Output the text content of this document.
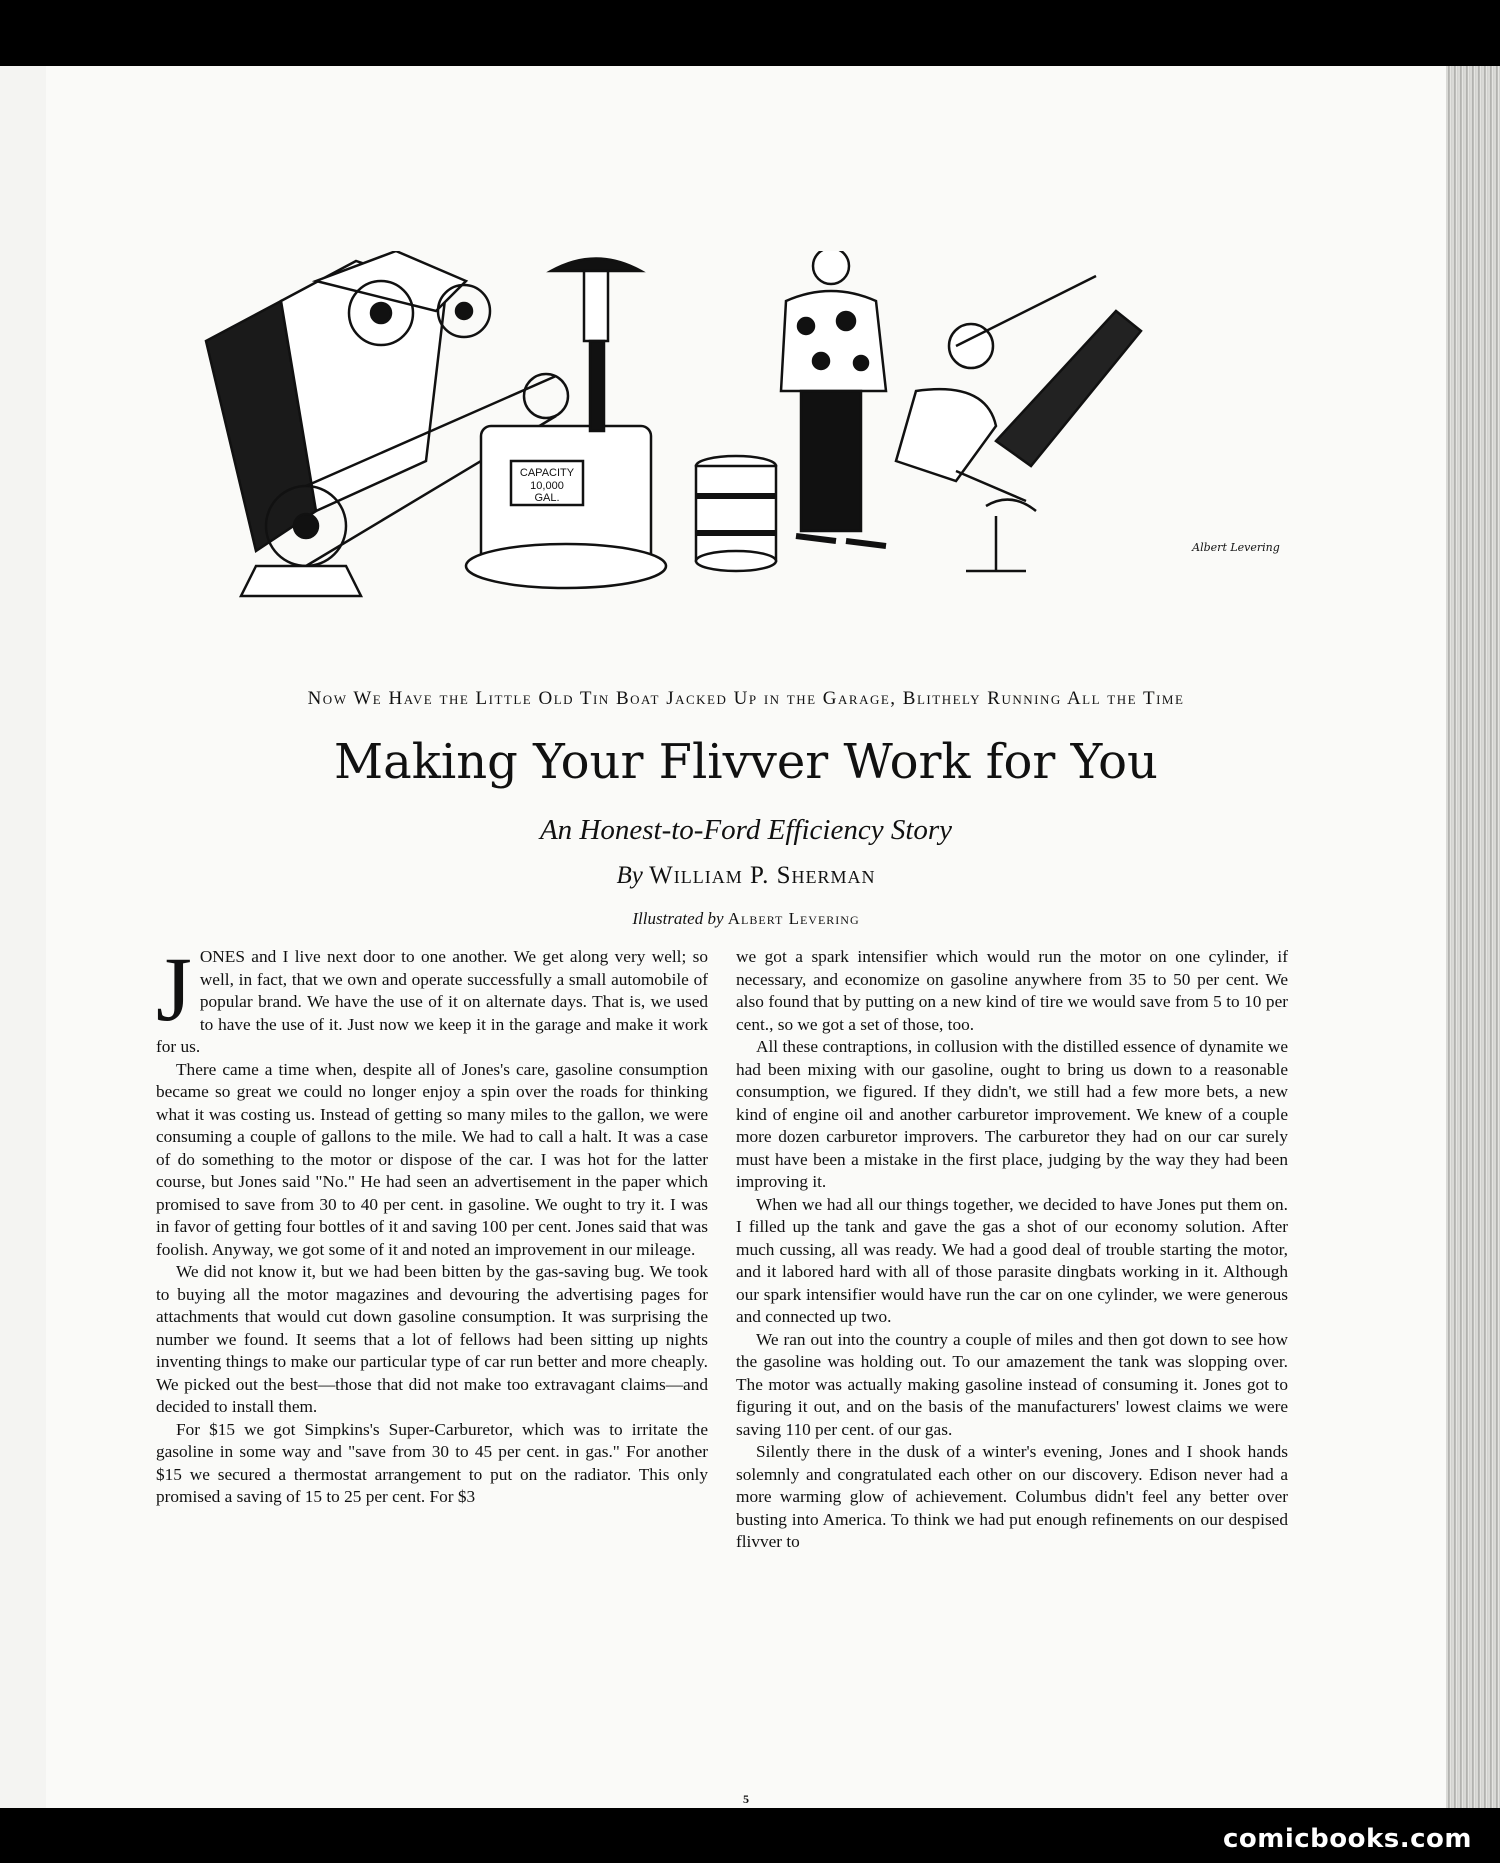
CAPACITY
10,000
GAL.
Albert Levering
Now We Have the Little Old Tin Boat Jacked Up in the Garage, Blithely Running All the Time
Making Your Flivver Work for You
An Honest-to-Ford Efficiency Story
By William P. Sherman
Illustrated by Albert Levering

JONES and I live next door to one another. We get along very well; so well, in fact, that we own and operate successfully a small automobile of popular brand. We have the use of it on alternate days. That is, we used to have the use of it. Just now we keep it in the garage and make it work for us.

There came a time when, despite all of Jones's care, gasoline consumption became so great we could no longer enjoy a spin over the roads for thinking what it was costing us. Instead of getting so many miles to the gallon, we were consuming a couple of gallons to the mile. We had to call a halt. It was a case of do something to the motor or dispose of the car. I was hot for the latter course, but Jones said "No." He had seen an advertisement in the paper which promised to save from 30 to 40 per cent. in gasoline. We ought to try it. I was in favor of getting four bottles of it and saving 100 per cent. Jones said that was foolish. Anyway, we got some of it and noted an improvement in our mileage.

We did not know it, but we had been bitten by the gas-saving bug. We took to buying all the motor magazines and devouring the advertising pages for attachments that would cut down gasoline consumption. It was surprising the number we found. It seems that a lot of fellows had been sitting up nights inventing things to make our particular type of car run better and more cheaply. We picked out the best—those that did not make too extravagant claims—and decided to install them.

For $15 we got Simpkins's Super-Carburetor, which was to irritate the gasoline in some way and "save from 30 to 45 per cent. in gas." For another $15 we secured a thermostat arrangement to put on the radiator. This only promised a saving of 15 to 25 per cent. For $3

we got a spark intensifier which would run the motor on one cylinder, if necessary, and economize on gasoline anywhere from 35 to 50 per cent. We also found that by putting on a new kind of tire we would save from 5 to 10 per cent., so we got a set of those, too.

All these contraptions, in collusion with the distilled essence of dynamite we had been mixing with our gasoline, ought to bring us down to a reasonable consumption, we figured. If they didn't, we still had a few more bets, a new kind of engine oil and another carburetor improvement. We knew of a couple more dozen carburetor improvers. The carburetor they had on our car surely must have been a mistake in the first place, judging by the way they had been improving it.

When we had all our things together, we decided to have Jones put them on. I filled up the tank and gave the gas a shot of our economy solution. After much cussing, all was ready. We had a good deal of trouble starting the motor, and it labored hard with all of those parasite dingbats working in it. Although our spark intensifier would have run the car on one cylinder, we were generous and connected up two.

We ran out into the country a couple of miles and then got down to see how the gasoline was holding out. To our amazement the tank was slopping over. The motor was actually making gasoline instead of consuming it. Jones got to figuring it out, and on the basis of the manufacturers' lowest claims we were saving 110 per cent. of our gas.

Silently there in the dusk of a winter's evening, Jones and I shook hands solemnly and congratulated each other on our discovery. Edison never had a more warming glow of achievement. Columbus didn't feel any better over busting into America. To think we had put enough refinements on our despised flivver to

5
comicbooks.com
